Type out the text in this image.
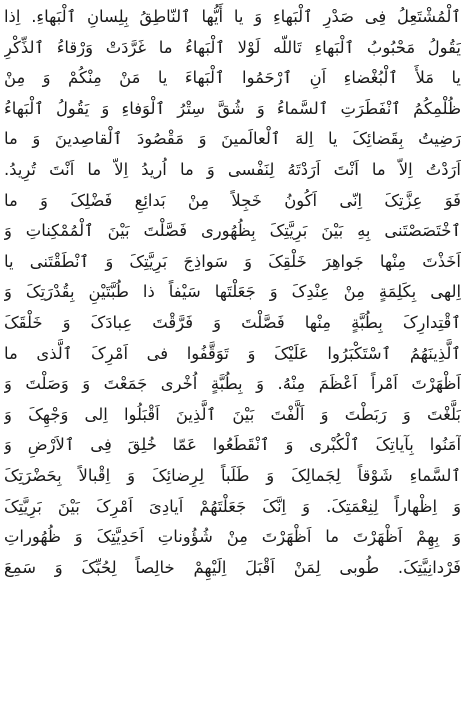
ٱلْمُشْتَعِلُ فِی صَدْرِ ٱلْبَهاءِ وَ یا أَیُّها ٱلنّاطِقُ بِلِسانِ ٱلْبَهاءِ. اِذا
یَقُولُ مَحْبُوبُ ٱلْبَهاءِ تَاللّه لَوْلا ٱلْبَهاءُ ما غَرَّدَتْ وَرْقاءُ ٱلذِّکْرِ
یا مَلأَ ٱلْبُغْضاءِ اَنِ ٱرْحَمُوا ٱلْبَهاءَ یا مَنْ مِنْکُمْ وَ مِنْ
ظُلْمِکُمُ ٱنْفَطَرَتِ ٱلسَّماءُ وَ شُقَّ سِتْرُ ٱلْوَفاءِ وَ یَقُولُ ٱلْبَهاءُ
رَضِیتُ بِقَضائِکَ یا اِلهَ ٱلْعالَمینَ وَ مَقْصُودَ ٱلْقاصِدینَ وَ ما
اَرَدْتُ اِلاّ ما اَنْتَ اَرَدْتَهُ لِنَفْسی وَ ما اُریدُ اِلاّ ما اَنْتَ تُرِیدُ.
فَوَ عِزَّتِکَ اِنّی اَکُونُ خَجِلاً مِنْ بَدائِعِ فَضْلِکَ وَ ما
ٱخْتَصَصْتَنی بِهِ بَیْنَ بَرِیَّتِکَ بِظُهُوری فَصَّلْتَ بَیْنَ ٱلْمُمْکِناتِ وَ
اَخَذْتَ مِنْها جَواهِرَ خَلْقِکَ وَ سَواذِجَ بَرِیَّتِکَ وَ ٱنْطَقْتَنی یا
اِلهی بِکَلِمَةٍ مِنْ عِنْدِکَ وَ جَعَلْتَها سَیْفاً ذا طُبَّتَیْنِ بِقُدْرَتِکَ وَ
ٱقْتِدارِکَ بِطُبَّةٍ مِنْها فَصَّلْتَ وَ فَرَّقْتَ عِبادَکَ وَ خَلْقَکَ
ٱلَّذِینَهُمُ ٱسْتَکْبَرُوا عَلَیْکَ وَ تَوَقَّفُوا فی اَمْرِکَ ٱلَّذی ما
اَظْهَرْتَ اَمْراً اَعْظَمَ مِنْهُ. وَ بِطُبَّةٍ اُخْری جَمَعْتَ وَ وَصَلْتَ وَ
بَلَّغْتَ وَ رَبَطْتَ وَ اَلَّفْتَ بَیْنَ ٱلَّذِینَ اَقْبَلُوا اِلی وَجْهِکَ وَ
آمَنُوا بِآیاتِکَ ٱلْکُبْری وَ ٱنْقَطَعُوا عَمّا خُلِقَ فِی ٱلاَرْضِ وَ
ٱلسَّماءِ شَوْقاً لِجَمالِکَ وَ طَلَباً لِرِضائِکَ وَ اِقْبالاً بِحَضْرَتِکَ
وَ اِظْهاراً لِنِعْمَتِکَ. وَ اِنَّکَ جَعَلْتَهُمْ اَیادِیَ اَمْرِکَ بَیْنَ بَرِیَّتِکَ
وَ بِهِمْ اَظْهَرْتَ ما اَظْهَرْتَ مِنْ شُؤُوناتِ اَحَدِیَّتِکَ وَ ظُهُوراتِ
فَرْدانِیَّتِکَ. طُوبی لِمَنْ اَقْبَلَ اِلَیْهِمْ خالِصاً لِحُبِّکَ وَ سَمِعَ
